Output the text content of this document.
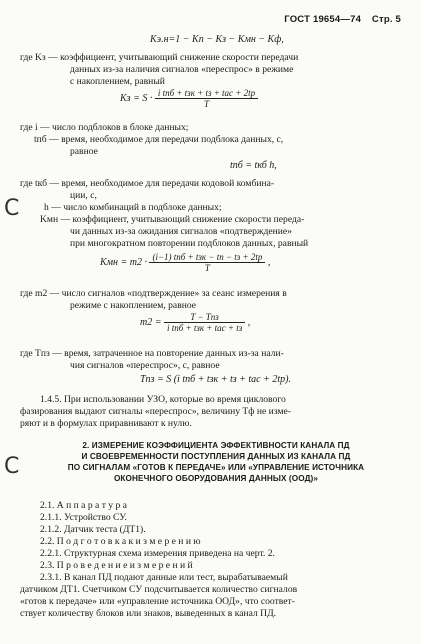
ГОСТ 19654—74 Стр. 5
Kэ.н=1 − Kп − Kз − Kмн − Kф,
где Kз — коэффициент, учитывающий снижение скорости передачи
данных из-за наличия сигналов «переспрос» в режиме
с накоплением, равный
Kз = $S \cdot \frac{\text{i tпб + tзк + tз + tас + 2tр}}{T}$
где i — число подблоков в блоке данных;
tпб — время, необходимое для передачи подблока данных, с,
равное
tпб = tкб h,
где tкб — время, необходимое для передачи кодовой комбина-
ции, с,
h — число комбинаций в подблоке данных;
Kмн — коэффициент, учитывающий снижение скорости переда-
чи данных из-за ожидания сигналов «подтверждение»
при многократном повторении подблоков данных, равный
Kмн = $m2 \cdot \frac{\text{(i−1) tпб + tзк − tп − tз + 2tр}}{T}$ ,
где m2 — число сигналов «подтверждение» за сеанс измерения в
режиме с накоплением, равное
$m2 = \frac{\text{T − Tпз}}{\text{i tпб + tзк + tас + tз}}$ ,
где Tпз — время, затраченное на повторение данных из-за нали-
чия сигналов «переспрос», с, равное
Tпз = S (i tпб + tзк + tз + tас + 2tр).
1.4.5. При использовании УЗО, которые во время циклового
фазирования выдают сигналы «переспрос», величину Tф не изме-
ряют и в формулах приравнивают к нулю.
2. ИЗМЕРЕНИЕ КОЭФФИЦИЕНТА ЭФФЕКТИВНОСТИ КАНАЛА ПД
И СВОЕВРЕМЕННОСТИ ПОСТУПЛЕНИЯ ДАННЫХ ИЗ КАНАЛА ПД
ПО СИГНАЛАМ «ГОТОВ К ПЕРЕДАЧЕ» ИЛИ «УПРАВЛЕНИЕ ИСТОЧНИКА
ОКОНЕЧНОГО ОБОРУДОВАНИЯ ДАННЫХ (ООД)»
2.1. А п п а р а т у р а
2.1.1. Устройство СУ.
2.1.2. Датчик теста (ДТ1).
2.2. П о д г о т о в к а к и з м е р е н и ю
2.2.1. Структурная схема измерения приведена на черт. 2.
2.3. П р о в е д е н и е и з м е р е н и й
2.3.1. В канал ПД подают данные или тест, вырабатываемый
датчиком ДТ1. Счетчиком СУ подсчитывается количество сигналов
«готов к передаче» или «управление источника ООД», что соответ-
ствует количеству блоков или знаков, выведенных в канал ПД.
C
C
